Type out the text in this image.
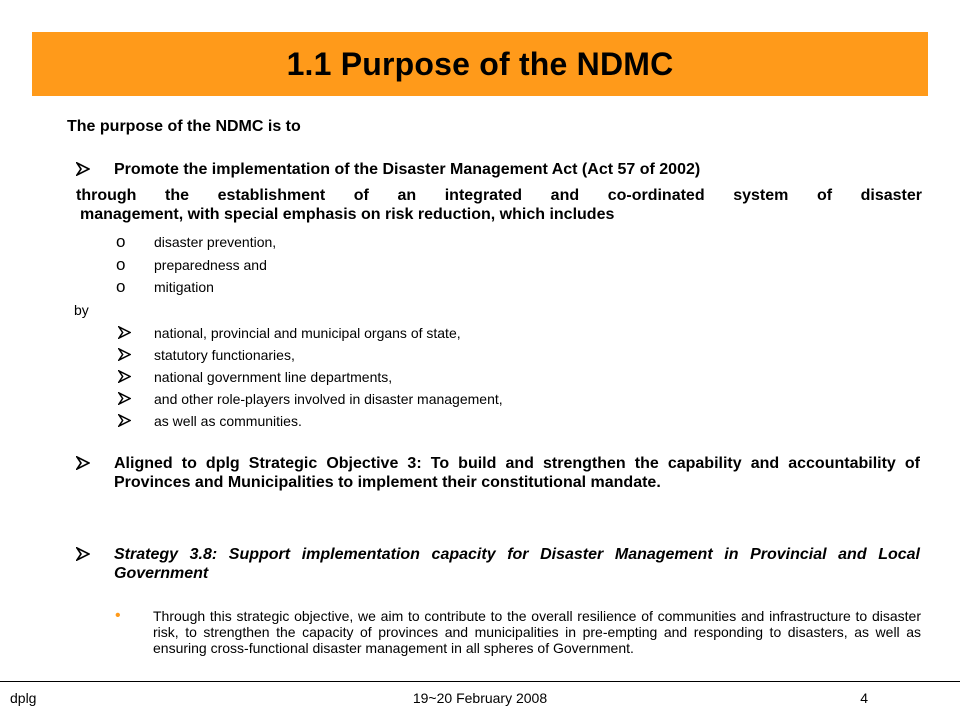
1.1 Purpose of the NDMC
The purpose of the NDMC is to
Promote the implementation of the Disaster Management Act (Act 57 of 2002)
through the establishment of an integrated and co-ordinated system of disaster
management, with special emphasis on risk reduction, which includes
o disaster prevention,
o preparedness and
o mitigation
by
national, provincial and municipal organs of state,
statutory functionaries,
national government line departments,
and other role-players involved in disaster management,
as well as communities.
Aligned to dplg Strategic Objective 3: To build and strengthen the capability and accountability of Provinces and Municipalities to implement their constitutional mandate.
Strategy 3.8: Support implementation capacity for Disaster Management in Provincial and Local Government
• Through this strategic objective, we aim to contribute to the overall resilience of communities and infrastructure to disaster risk, to strengthen the capacity of provinces and municipalities in pre-empting and responding to disasters, as well as ensuring cross-functional disaster management in all spheres of Government.
dplg	19~20 February 2008	4
